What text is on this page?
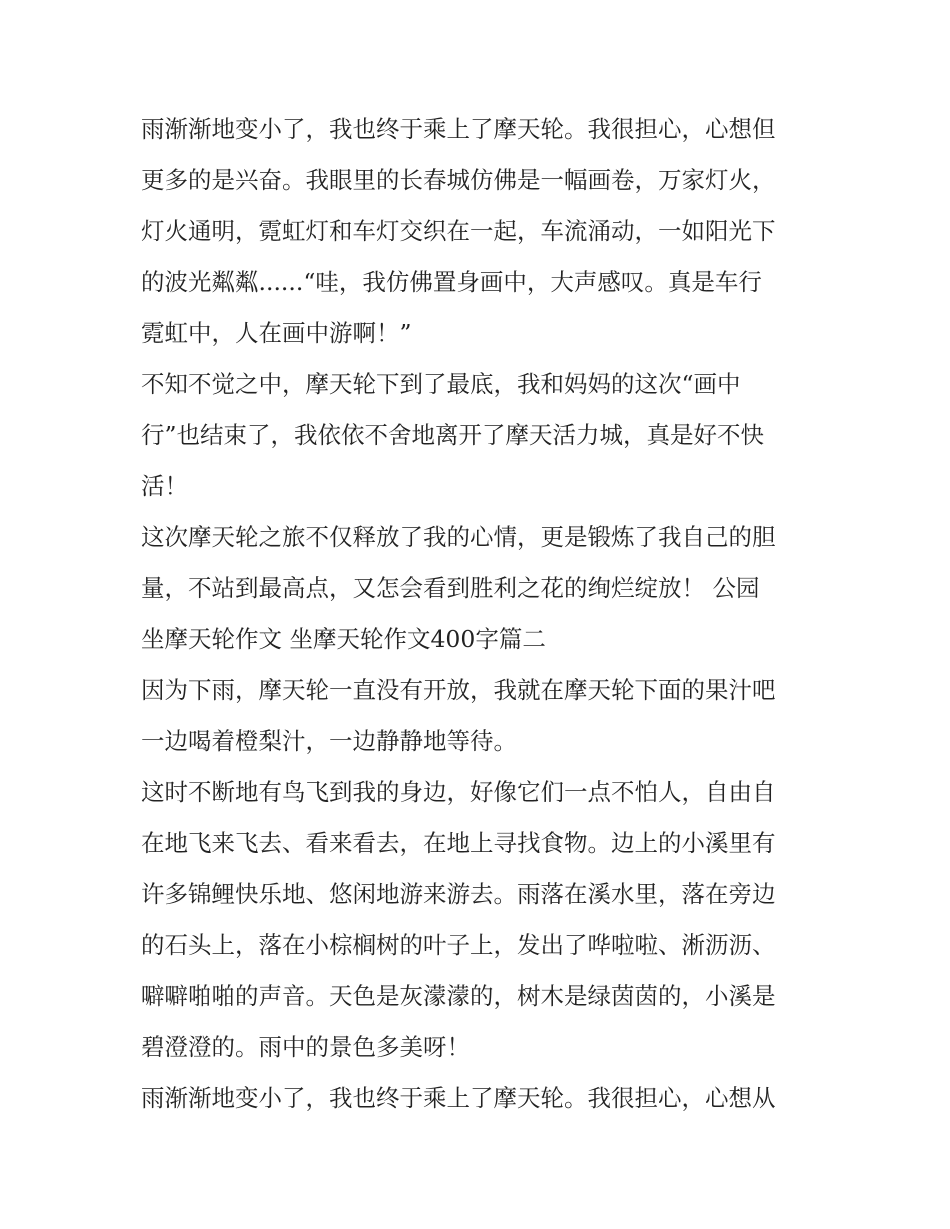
雨渐渐地变小了，我也终于乘上了摩天轮。我很担心，心想但
更多的是兴奋。我眼里的长春城仿佛是一幅画卷，万家灯火，
灯火通明，霓虹灯和车灯交织在一起，车流涌动，一如阳光下
的波光粼粼......“哇，我仿佛置身画中，大声感叹。真是车行
霓虹中，人在画中游啊！”
不知不觉之中，摩天轮下到了最底，我和妈妈的这次“画中
行”也结束了，我依依不舍地离开了摩天活力城，真是好不快
活！
这次摩天轮之旅不仅释放了我的心情，更是锻炼了我自己的胆
量，不站到最高点，又怎会看到胜利之花的绚烂绽放！ 公园
坐摩天轮作文 坐摩天轮作文400字篇二
因为下雨，摩天轮一直没有开放，我就在摩天轮下面的果汁吧
一边喝着橙梨汁，一边静静地等待。
这时不断地有鸟飞到我的身边，好像它们一点不怕人，自由自
在地飞来飞去、看来看去，在地上寻找食物。边上的小溪里有
许多锦鲤快乐地、悠闲地游来游去。雨落在溪水里，落在旁边
的石头上，落在小棕榈树的叶子上，发出了哗啦啦、淅沥沥、
噼噼啪啪的声音。天色是灰濛濛的，树木是绿茵茵的，小溪是
碧澄澄的。雨中的景色多美呀！
雨渐渐地变小了，我也终于乘上了摩天轮。我很担心，心想从
